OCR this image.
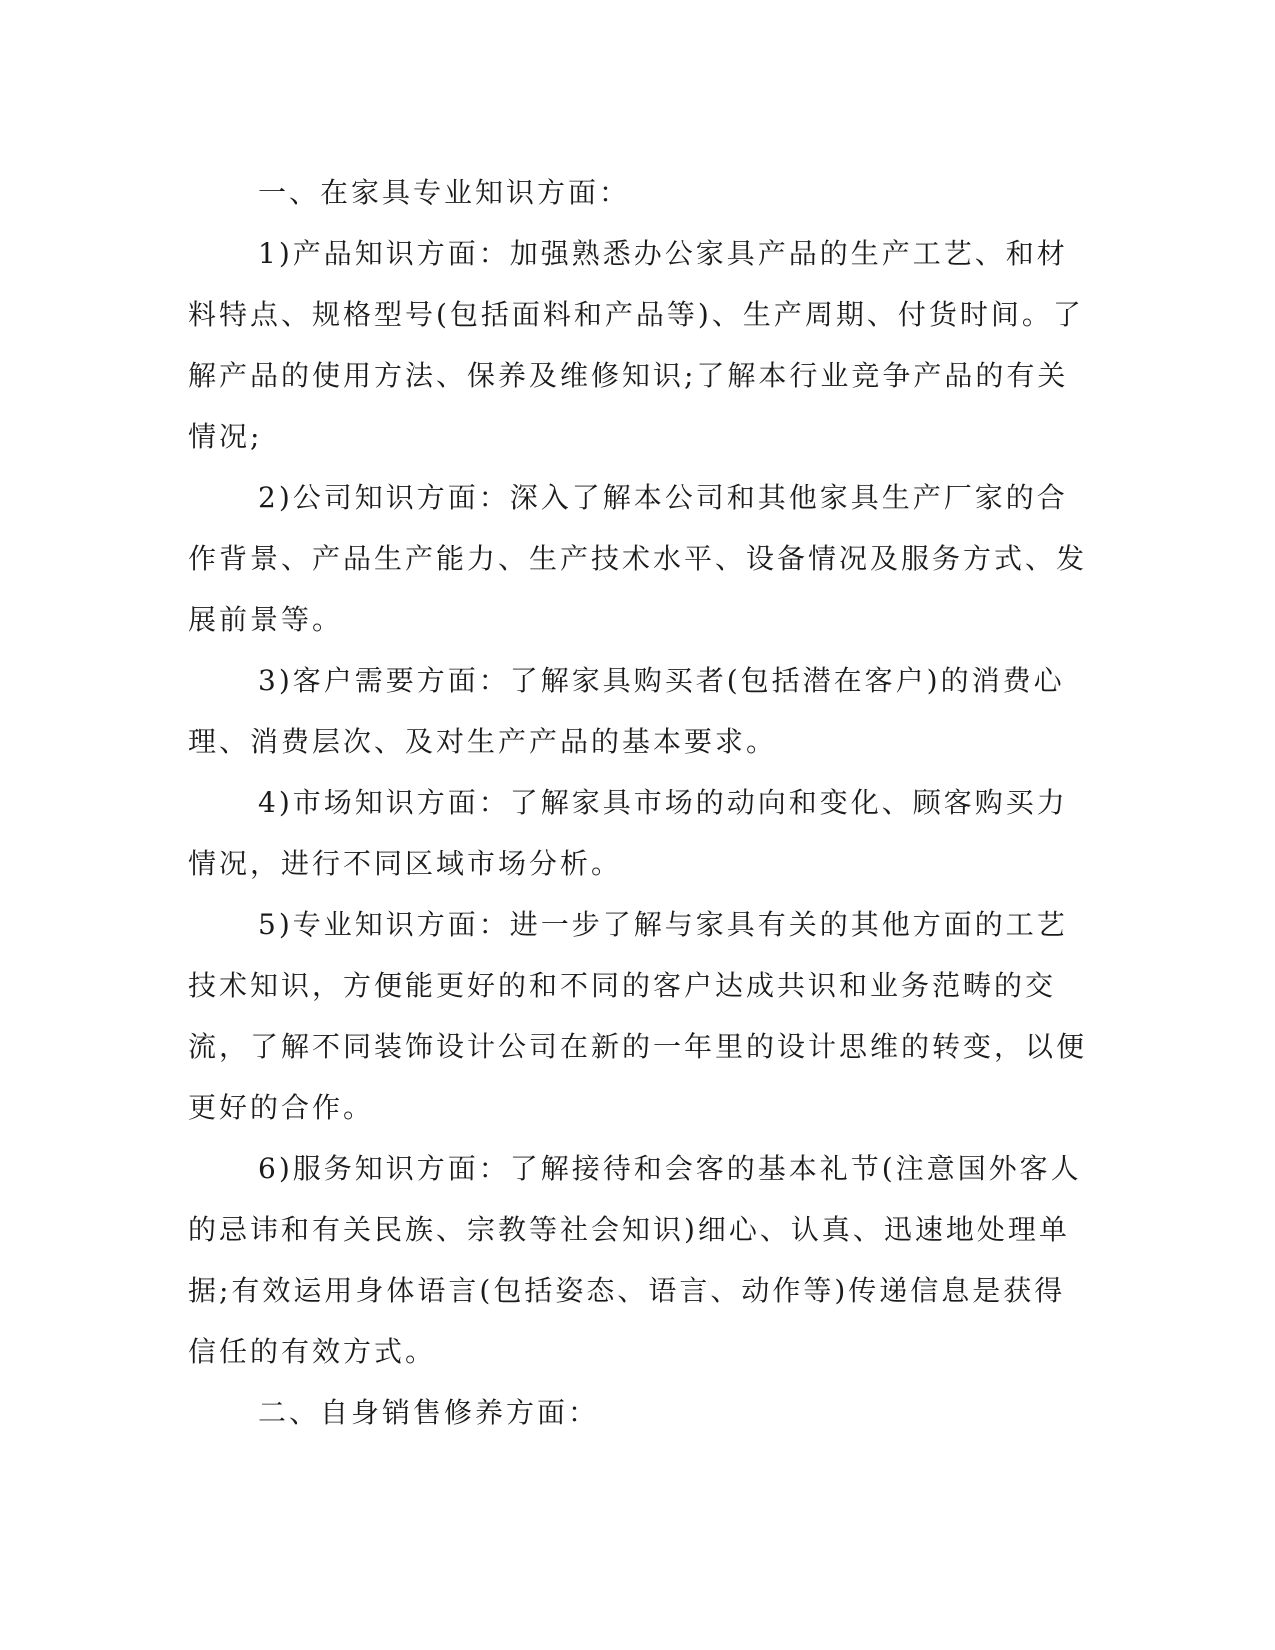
一、在家具专业知识方面：

1)产品知识方面：加强熟悉办公家具产品的生产工艺、和材料特点、规格型号(包括面料和产品等)、生产周期、付货时间。了解产品的使用方法、保养及维修知识;了解本行业竞争产品的有关情况;

2)公司知识方面：深入了解本公司和其他家具生产厂家的合作背景、产品生产能力、生产技术水平、设备情况及服务方式、发展前景等。

3)客户需要方面：了解家具购买者(包括潜在客户)的消费心理、消费层次、及对生产产品的基本要求。

4)市场知识方面：了解家具市场的动向和变化、顾客购买力情况，进行不同区域市场分析。

5)专业知识方面：进一步了解与家具有关的其他方面的工艺技术知识，方便能更好的和不同的客户达成共识和业务范畴的交流，了解不同装饰设计公司在新的一年里的设计思维的转变，以便更好的合作。

6)服务知识方面：了解接待和会客的基本礼节(注意国外客人的忌讳和有关民族、宗教等社会知识)细心、认真、迅速地处理单据;有效运用身体语言(包括姿态、语言、动作等)传递信息是获得信任的有效方式。

二、自身销售修养方面：
